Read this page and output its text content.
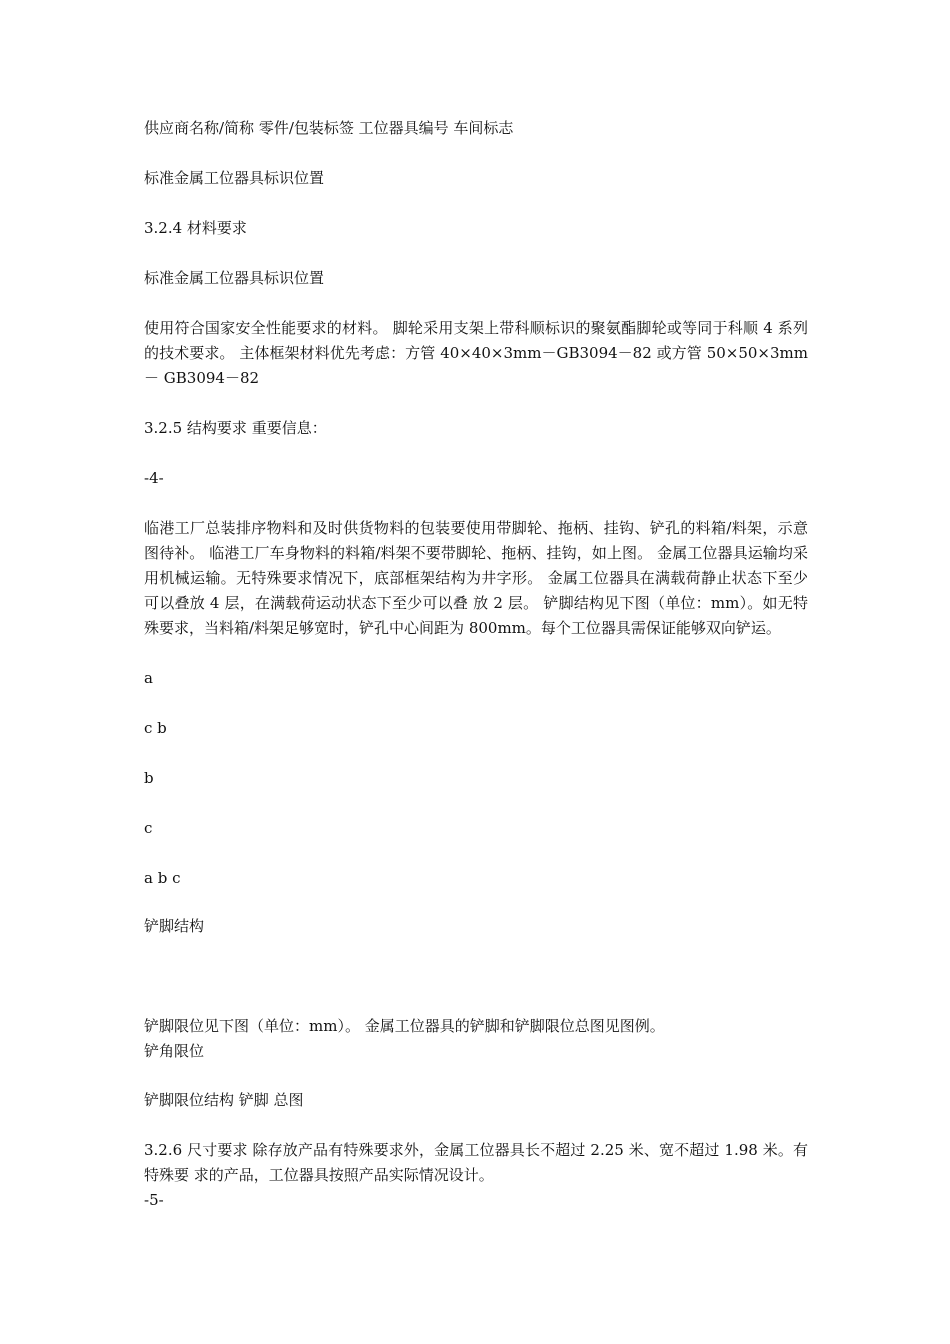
供应商名称/简称 零件/包装标签 工位器具编号 车间标志

标准金属工位器具标识位置

3.2.4 材料要求

标准金属工位器具标识位置

使用符合国家安全性能要求的材料。 脚轮采用支架上带科顺标识的聚氨酯脚轮或等同于科顺 4 系列的技术要求。 主体框架材料优先考虑：方管 40×40×3mm－GB3094－82 或方管 50×50×3mm－ GB3094－82

3.2.5 结构要求 重要信息：

-4-

临港工厂总装排序物料和及时供货物料的包装要使用带脚轮、拖柄、挂钩、铲孔的料箱/料架，示意图待补。 临港工厂车身物料的料箱/料架不要带脚轮、拖柄、挂钩，如上图。 金属工位器具运输均采用机械运输。无特殊要求情况下，底部框架结构为井字形。 金属工位器具在满载荷静止状态下至少可以叠放 4 层，在满载荷运动状态下至少可以叠 放 2 层。 铲脚结构见下图（单位：mm）。如无特殊要求，当料箱/料架足够宽时，铲孔中心间距为 800mm。每个工位器具需保证能够双向铲运。

a

c b

b

c

a b c

铲脚结构

铲脚限位见下图（单位：mm）。 金属工位器具的铲脚和铲脚限位总图见图例。

铲角限位

铲脚限位结构 铲脚 总图

3.2.6 尺寸要求 除存放产品有特殊要求外，金属工位器具长不超过 2.25 米、宽不超过 1.98 米。有特殊要 求的产品，工位器具按照产品实际情况设计。

-5-
